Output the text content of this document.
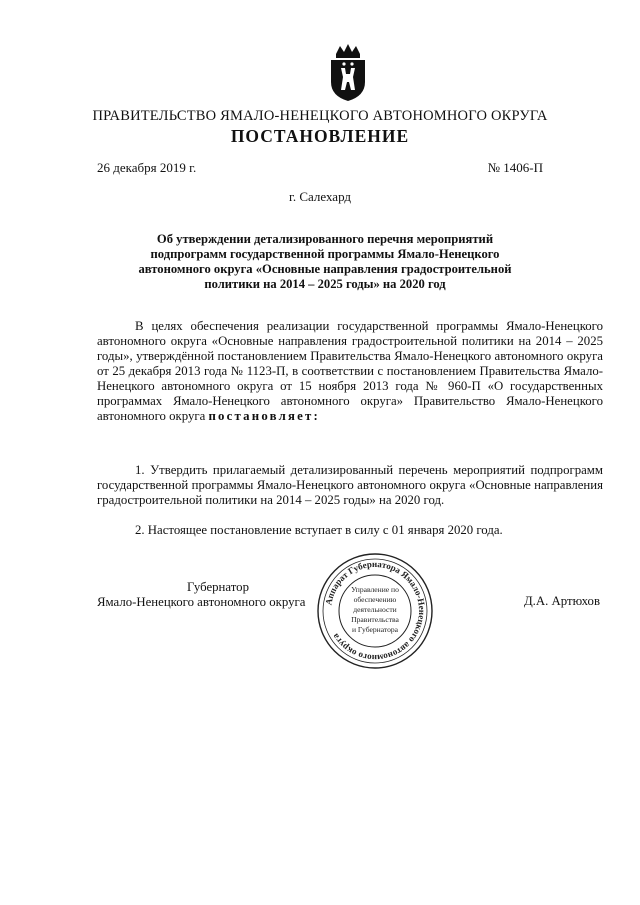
ПРАВИТЕЛЬСТВО ЯМАЛО-НЕНЕЦКОГО АВТОНОМНОГО ОКРУГА
ПОСТАНОВЛЕНИЕ
26 декабря 2019 г.	№ 1406-П
г. Салехард
Об утверждении детализированного перечня мероприятий подпрограмм государственной программы Ямало-Ненецкого автономного округа «Основные направления градостроительной политики на 2014 – 2025 годы» на 2020 год
В целях обеспечения реализации государственной программы Ямало-Ненецкого автономного округа «Основные направления градостроительной политики на 2014 – 2025 годы», утверждённой постановлением Правительства Ямало-Ненецкого автономного округа от 25 декабря 2013 года № 1123-П, в соответствии с постановлением Правительства Ямало-Ненецкого автономного округа от 15 ноября 2013 года № 960-П «О государственных программах Ямало-Ненецкого автономного округа» Правительство Ямало-Ненецкого автономного округа постановляет:
1. Утвердить прилагаемый детализированный перечень мероприятий подпрограмм государственной программы Ямало-Ненецкого автономного округа «Основные направления градостроительной политики на 2014 – 2025 годы» на 2020 год.
2. Настоящее постановление вступает в силу с 01 января 2020 года.
Губернатор
Ямало-Ненецкого автономного округа	Д.А. Артюхов
Аппарат Губернатора Ямало-Ненецкого автономного округа
Управление по
обеспечению
деятельности
Правительства
и Губернатора
